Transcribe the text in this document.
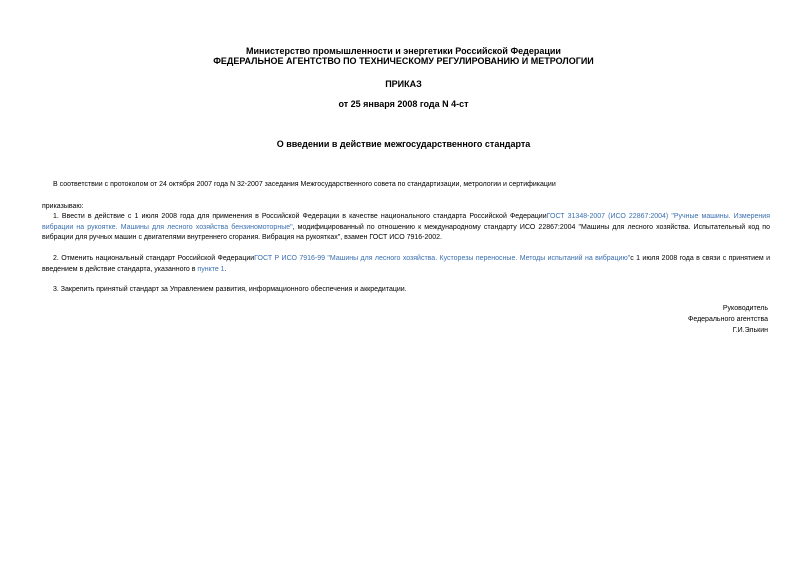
Министерство промышленности и энергетики Российской Федерации
ФЕДЕРАЛЬНОЕ АГЕНТСТВО ПО ТЕХНИЧЕСКОМУ РЕГУЛИРОВАНИЮ И МЕТРОЛОГИИ
ПРИКАЗ
от 25 января 2008 года N 4-ст
О введении в действие межгосударственного стандарта

В соответствии с протоколом от 24 октября 2007 года N 32-2007 заседания Межгосударственного совета по стандартизации, метрологии и сертификации

приказываю:

1. Ввести в действие с 1 июля 2008 года для применения в Российской Федерации в качестве национального стандарта Российской ФедерацииГОСТ 31348-2007 (ИСО 22867:2004) "Ручные машины. Измерения вибрации на рукоятке. Машины для лесного хозяйства бензиномоторные", модифицированный по отношению к международному стандарту ИСО 22867:2004 "Машины для лесного хозяйства. Испытательный код по вибрации для ручных машин с двигателями внутреннего сгорания. Вибрация на рукоятках", взамен ГОСТ ИСО 7916-2002.

2. Отменить национальный стандарт Российской ФедерацииГОСТ Р ИСО 7916-99 "Машины для лесного хозяйства. Кусторезы переносные. Методы испытаний на вибрацию"с 1 июля 2008 года в связи с принятием и введением в действие стандарта, указанного в пункте 1.

3. Закрепить принятый стандарт за Управлением развития, информационного обеспечения и аккредитации.

Руководитель
Федерального агентства
Г.И.Элькин
